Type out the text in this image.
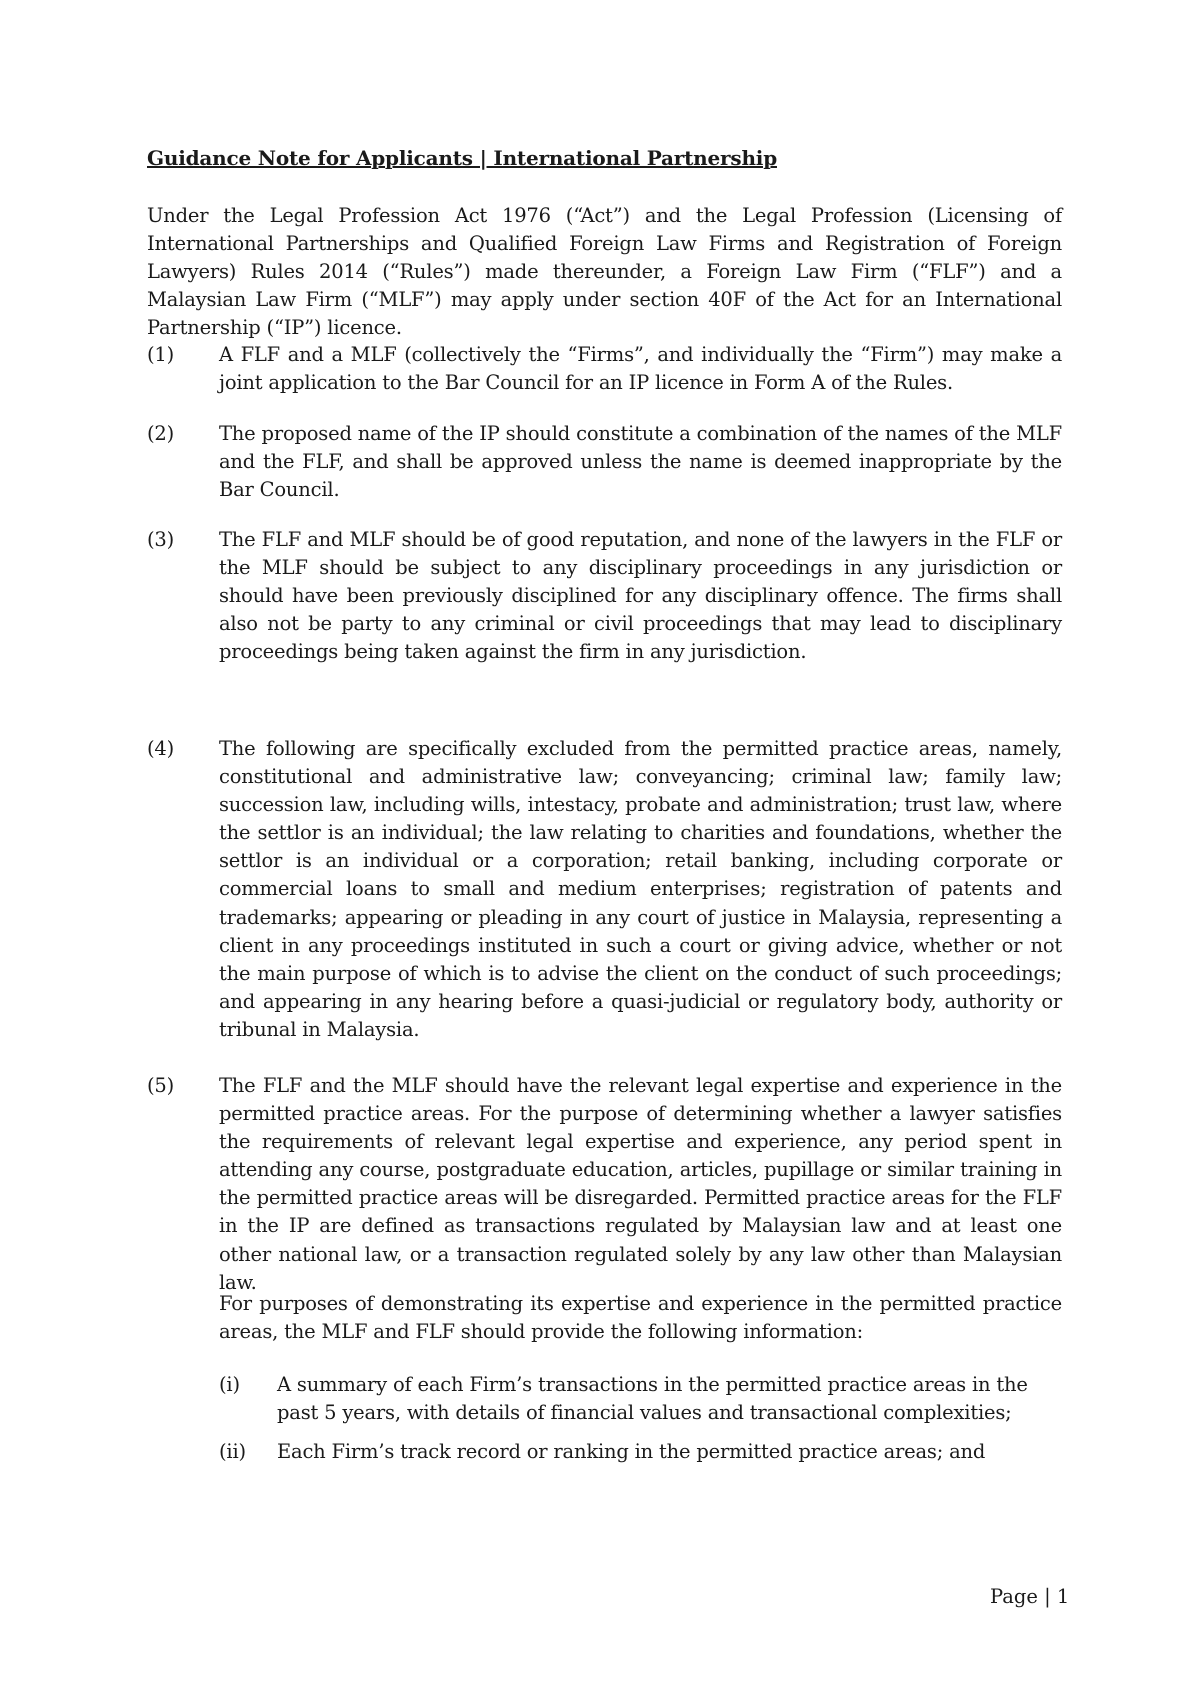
Guidance Note for Applicants | International Partnership
Under the Legal Profession Act 1976 (“Act”) and the Legal Profession (Licensing of International Partnerships and Qualified Foreign Law Firms and Registration of Foreign Lawyers) Rules 2014 (“Rules”) made thereunder, a Foreign Law Firm (“FLF”) and a Malaysian Law Firm (“MLF”) may apply under section 40F of the Act for an International Partnership (“IP”) licence.
(1) A FLF and a MLF (collectively the “Firms”, and individually the “Firm”) may make a joint application to the Bar Council for an IP licence in Form A of the Rules.
(2) The proposed name of the IP should constitute a combination of the names of the MLF and the FLF, and shall be approved unless the name is deemed inappropriate by the Bar Council.
(3) The FLF and MLF should be of good reputation, and none of the lawyers in the FLF or the MLF should be subject to any disciplinary proceedings in any jurisdiction or should have been previously disciplined for any disciplinary offence. The firms shall also not be party to any criminal or civil proceedings that may lead to disciplinary proceedings being taken against the firm in any jurisdiction.
(4) The following are specifically excluded from the permitted practice areas, namely, constitutional and administrative law; conveyancing; criminal law; family law; succession law, including wills, intestacy, probate and administration; trust law, where the settlor is an individual; the law relating to charities and foundations, whether the settlor is an individual or a corporation; retail banking, including corporate or commercial loans to small and medium enterprises; registration of patents and trademarks; appearing or pleading in any court of justice in Malaysia, representing a client in any proceedings instituted in such a court or giving advice, whether or not the main purpose of which is to advise the client on the conduct of such proceedings; and appearing in any hearing before a quasi-judicial or regulatory body, authority or tribunal in Malaysia.
(5) The FLF and the MLF should have the relevant legal expertise and experience in the permitted practice areas. For the purpose of determining whether a lawyer satisfies the requirements of relevant legal expertise and experience, any period spent in attending any course, postgraduate education, articles, pupillage or similar training in the permitted practice areas will be disregarded. Permitted practice areas for the FLF in the IP are defined as transactions regulated by Malaysian law and at least one other national law, or a transaction regulated solely by any law other than Malaysian law.
For purposes of demonstrating its expertise and experience in the permitted practice areas, the MLF and FLF should provide the following information:
(i) A summary of each Firm’s transactions in the permitted practice areas in the past 5 years, with details of financial values and transactional complexities;
(ii) Each Firm’s track record or ranking in the permitted practice areas; and
Page | 1
